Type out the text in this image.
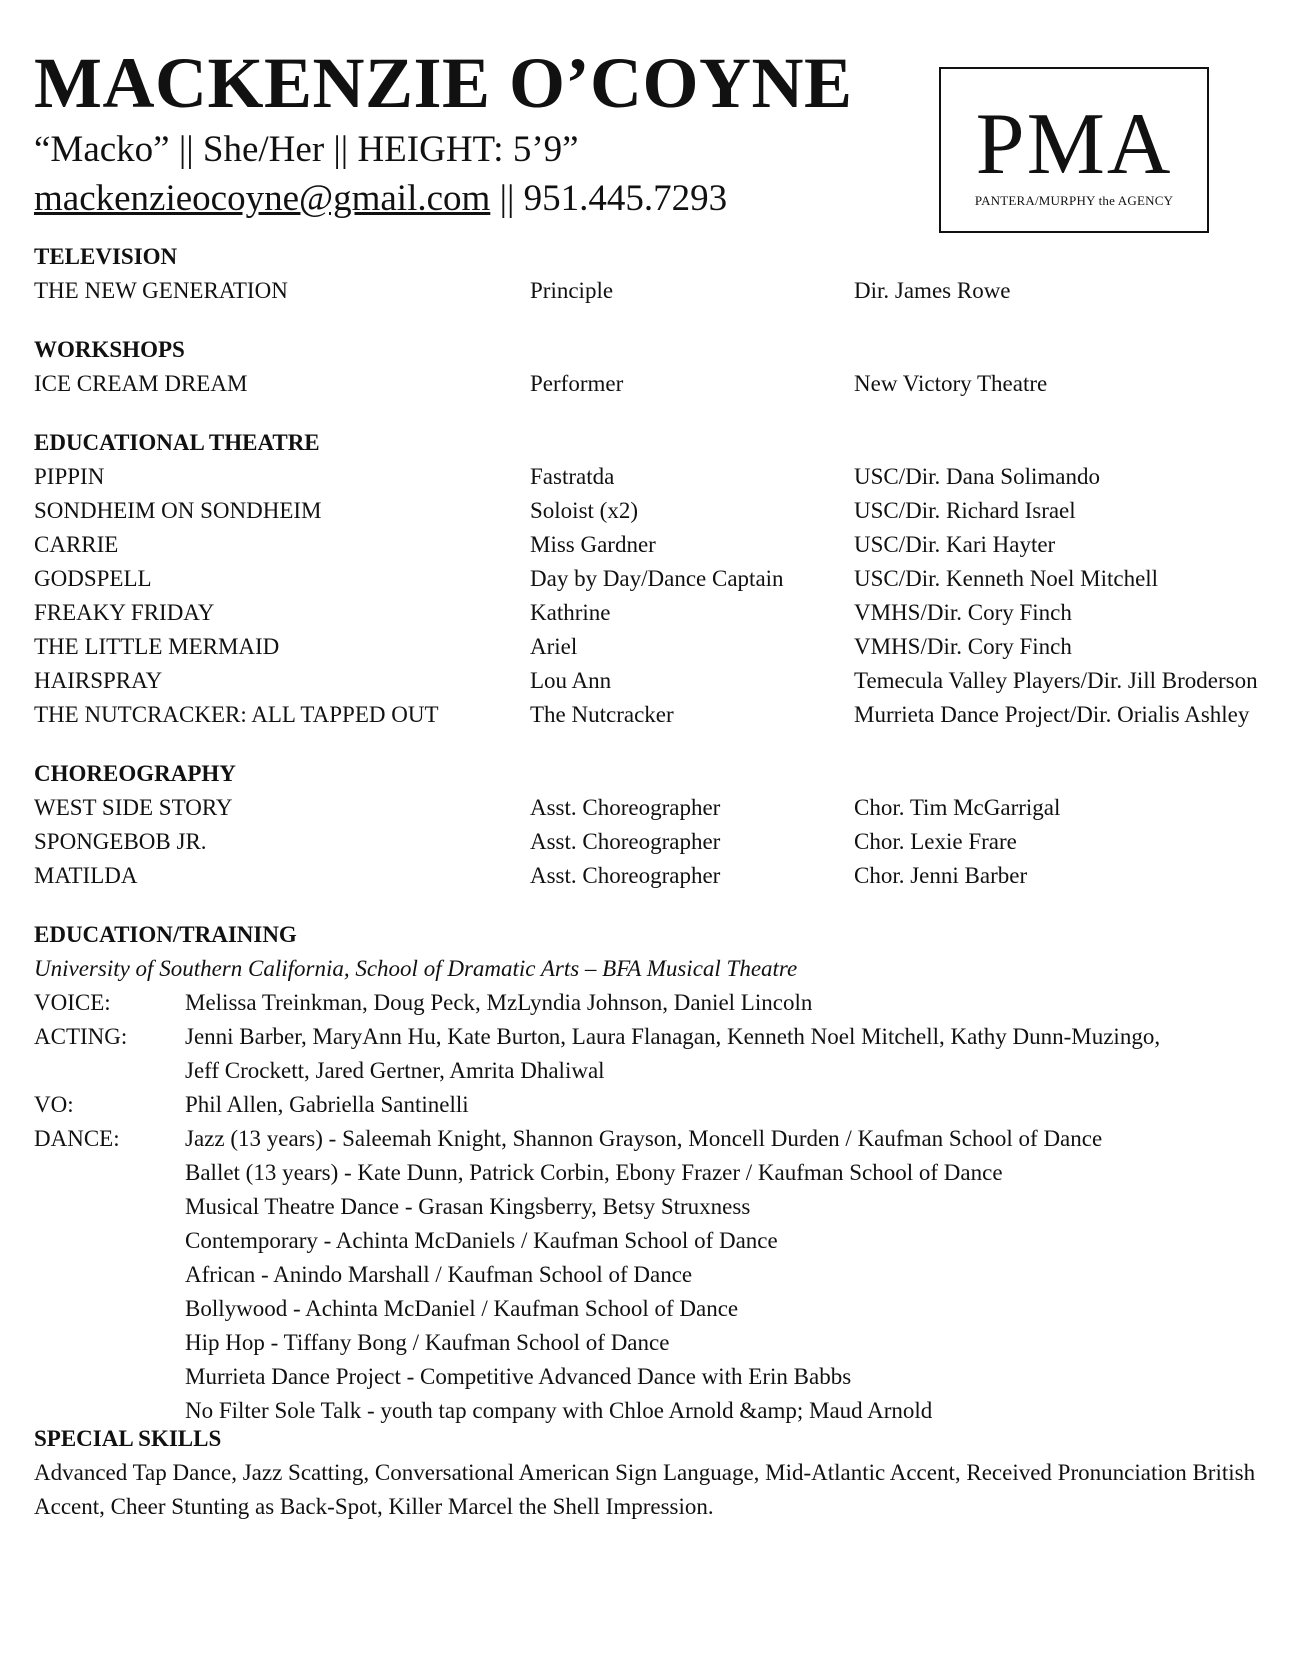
MACKENZIE O’COYNE
“Macko” || She/Her || HEIGHT: 5’9”
mackenzieocoyne@gmail.com || 951.445.7293
PMA
PANTERA/MURPHY the AGENCY
TELEVISION
THE NEW GENERATION	Principle	Dir. James Rowe
WORKSHOPS
ICE CREAM DREAM	Performer	New Victory Theatre
EDUCATIONAL THEATRE
PIPPIN	Fastratda	USC/Dir. Dana Solimando
SONDHEIM ON SONDHEIM	Soloist (x2)	USC/Dir. Richard Israel
CARRIE	Miss Gardner	USC/Dir. Kari Hayter
GODSPELL	Day by Day/Dance Captain	USC/Dir. Kenneth Noel Mitchell
FREAKY FRIDAY	Kathrine	VMHS/Dir. Cory Finch
THE LITTLE MERMAID	Ariel	VMHS/Dir. Cory Finch
HAIRSPRAY	Lou Ann	Temecula Valley Players/Dir. Jill Broderson
THE NUTCRACKER: ALL TAPPED OUT	The Nutcracker	Murrieta Dance Project/Dir. Orialis Ashley
CHOREOGRAPHY
WEST SIDE STORY	Asst. Choreographer	Chor. Tim McGarrigal
SPONGEBOB JR.	Asst. Choreographer	Chor. Lexie Frare
MATILDA	Asst. Choreographer	Chor. Jenni Barber
EDUCATION/TRAINING
University of Southern California, School of Dramatic Arts – BFA Musical Theatre
VOICE:	Melissa Treinkman, Doug Peck, MzLyndia Johnson, Daniel Lincoln
ACTING:	Jenni Barber, MaryAnn Hu, Kate Burton, Laura Flanagan, Kenneth Noel Mitchell, Kathy Dunn-Muzingo,
Jeff Crockett, Jared Gertner, Amrita Dhaliwal
VO:	Phil Allen, Gabriella Santinelli
DANCE:	Jazz (13 years) - Saleemah Knight, Shannon Grayson, Moncell Durden / Kaufman School of Dance
Ballet (13 years) - Kate Dunn, Patrick Corbin, Ebony Frazer / Kaufman School of Dance
Musical Theatre Dance - Grasan Kingsberry, Betsy Struxness
Contemporary - Achinta McDaniels / Kaufman School of Dance
African - Anindo Marshall / Kaufman School of Dance
Bollywood - Achinta McDaniel / Kaufman School of Dance
Hip Hop - Tiffany Bong / Kaufman School of Dance
Murrieta Dance Project - Competitive Advanced Dance with Erin Babbs
No Filter Sole Talk - youth tap company with Chloe Arnold &amp; Maud Arnold
SPECIAL SKILLS
Advanced Tap Dance, Jazz Scatting, Conversational American Sign Language, Mid-Atlantic Accent, Received Pronunciation British Accent, Cheer Stunting as Back-Spot, Killer Marcel the Shell Impression.
